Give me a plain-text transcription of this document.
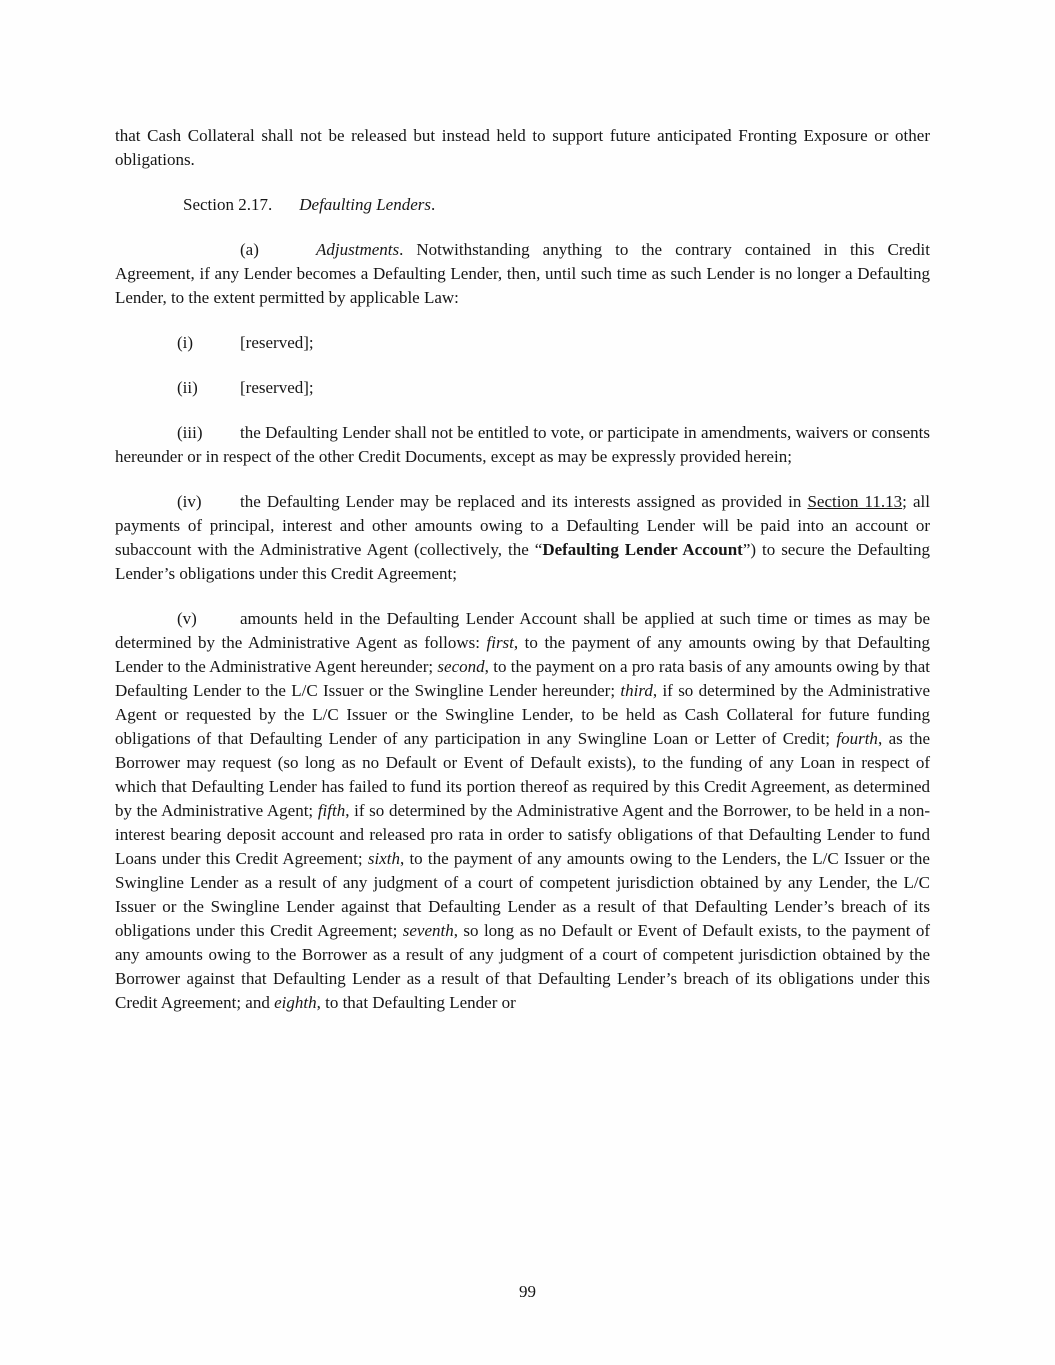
that Cash Collateral shall not be released but instead held to support future anticipated Fronting Exposure or other obligations.

Section 2.17. Defaulting Lenders.

(a)	Adjustments. Notwithstanding anything to the contrary contained in this Credit Agreement, if any Lender becomes a Defaulting Lender, then, until such time as such Lender is no longer a Defaulting Lender, to the extent permitted by applicable Law:

(i)	[reserved];

(ii) [reserved];

(iii) the Defaulting Lender shall not be entitled to vote, or participate in amendments, waivers or consents hereunder or in respect of the other Credit Documents, except as may be expressly provided herein;

(iv) the Defaulting Lender may be replaced and its interests assigned as provided in Section 11.13; all payments of principal, interest and other amounts owing to a Defaulting Lender will be paid into an account or subaccount with the Administrative Agent (collectively, the “Defaulting Lender Account”) to secure the Defaulting Lender’s obligations under this Credit Agreement;

(v)	amounts held in the Defaulting Lender Account shall be applied at such time or times as may be determined by the Administrative Agent as follows: first, to the payment of any amounts owing by that Defaulting Lender to the Administrative Agent hereunder; second, to the payment on a pro rata basis of any amounts owing by that Defaulting Lender to the L/C Issuer or the Swingline Lender hereunder; third, if so determined by the Administrative Agent or requested by the L/C Issuer or the Swingline Lender, to be held as Cash Collateral for future funding obligations of that Defaulting Lender of any participation in any Swingline Loan or Letter of Credit; fourth, as the Borrower may request (so long as no Default or Event of Default exists), to the funding of any Loan in respect of which that Defaulting Lender has failed to fund its portion thereof as required by this Credit Agreement, as determined by the Administrative Agent; fifth, if so determined by the Administrative Agent and the Borrower, to be held in a non-interest bearing deposit account and released pro rata in order to satisfy obligations of that Defaulting Lender to fund Loans under this Credit Agreement; sixth, to the payment of any amounts owing to the Lenders, the L/C Issuer or the Swingline Lender as a result of any judgment of a court of competent jurisdiction obtained by any Lender, the L/C Issuer or the Swingline Lender against that Defaulting Lender as a result of that Defaulting Lender’s breach of its obligations under this Credit Agreement; seventh, so long as no Default or Event of Default exists, to the payment of any amounts owing to the Borrower as a result of any judgment of a court of competent jurisdiction obtained by the Borrower against that Defaulting Lender as a result of that Defaulting Lender’s breach of its obligations under this Credit Agreement; and eighth, to that Defaulting Lender or

99
